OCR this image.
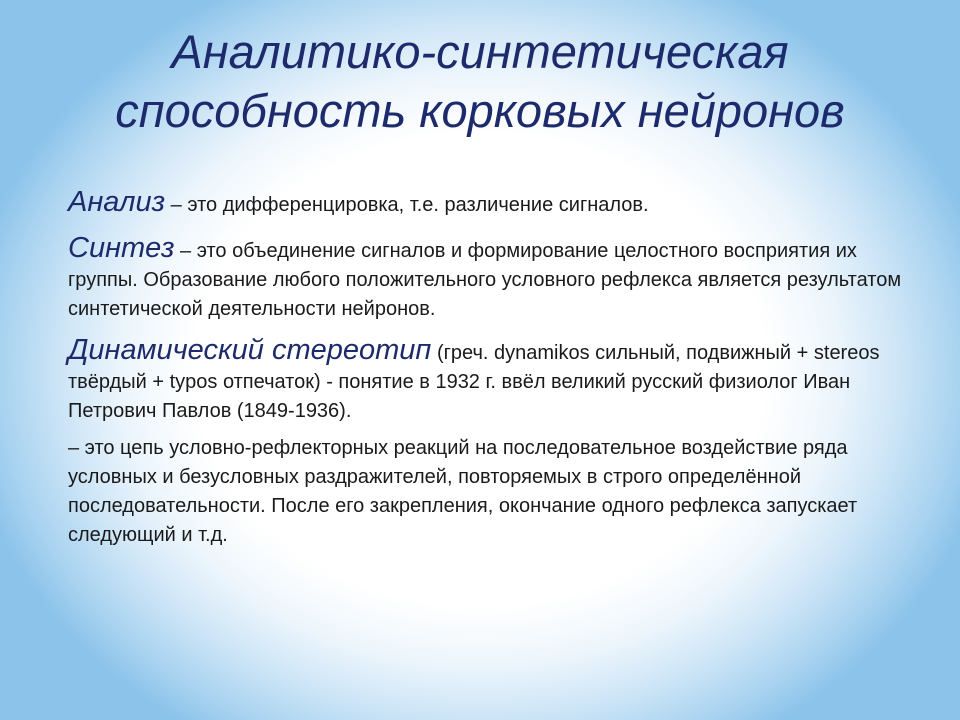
Аналитико-синтетическая
способность корковых нейронов

Анализ – это дифференцировка, т.е. различение сигналов.

Синтез – это объединение сигналов и формирование целостного восприятия их группы. Образование любого положительного условного рефлекса является результатом синтетической деятельности нейронов.

Динамический стереотип (греч. dynamikos сильный, подвижный + stereos твёрдый + typos отпечаток) - понятие в 1932 г. ввёл великий русский физиолог Иван Петрович Павлов (1849-1936).

– это цепь условно-рефлекторных реакций на последовательное воздействие ряда условных и безусловных раздражителей, повторяемых в строго определённой последовательности. После его закрепления, окончание одного рефлекса запускает следующий и т.д.
